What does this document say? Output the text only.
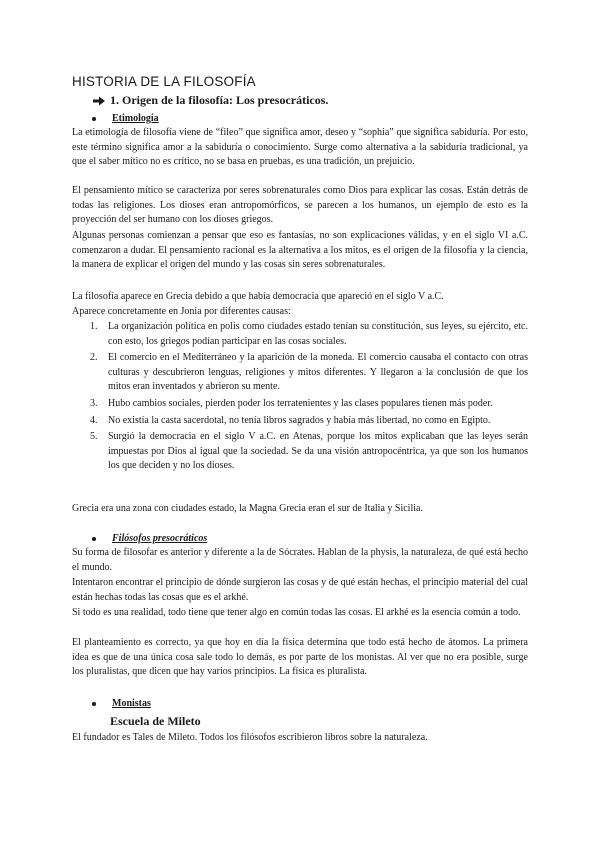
HISTORIA DE LA FILOSOFÍA
1. Origen de la filosofía: Los presocráticos.
Etimología
La etimología de filosofía viene de “fileo” que significa amor, deseo y “sophia” que significa sabiduría. Por esto, este término significa amor a la sabiduría o conocimiento. Surge como alternativa a la sabiduría tradicional, ya que el saber mítico no es crítico, no se basa en pruebas, es una tradición, un prejuicio.
El pensamiento mítico se caracteriza por seres sobrenaturales como Dios para explicar las cosas. Están detrás de todas las religiones. Los dioses eran antropomórficos, se parecen a los humanos, un ejemplo de esto es la proyección del ser humano con los dioses griegos.
Algunas personas comienzan a pensar que eso es fantasías, no son explicaciones válidas, y en el siglo VI a.C. comenzaron a dudar. El pensamiento racional es la alternativa a los mitos, es el origen de la filosofía y la ciencia, la manera de explicar el origen del mundo y las cosas sin seres sobrenaturales.
La filosofía aparece en Grecia debido a que había democracia que apareció en el siglo V a.C.
Aparece concretamente en Jonia por diferentes causas:
1. La organización política en polis como ciudades estado tenían su constitución, sus leyes, su ejército, etc. con esto, los griegos podían participar en las cosas sociales.
2. El comercio en el Mediterráneo y la aparición de la moneda. El comercio causaba el contacto con otras culturas y descubrieron lenguas, religiones y mitos diferentes. Y llegaron a la conclusión de que los mitos eran inventados y abrieron su mente.
3. Hubo cambios sociales, pierden poder los terratenientes y las clases populares tienen más poder.
4. No existía la casta sacerdotal, no tenía libros sagrados y había más libertad, no como en Egipto.
5. Surgió la democracia en el siglo V a.C. en Atenas, porque los mitos explicaban que las leyes serán impuestas por Dios al igual que la sociedad. Se da una visión antropocéntrica, ya que son los humanos los que deciden y no los dioses.
Grecia era una zona con ciudades estado, la Magna Grecia eran el sur de Italia y Sicilia.
Filósofos presocráticos
Su forma de filosofar es anterior y diferente a la de Sócrates. Hablan de la physis, la naturaleza, de qué está hecho el mundo.
Intentaron encontrar el principio de dónde surgieron las cosas y de qué están hechas, el principio material del cual están hechas todas las cosas que es el arkhé.
Si todo es una realidad, todo tiene que tener algo en común todas las cosas. El arkhé es la esencia común a todo.
El planteamiento es correcto, ya que hoy en día la física determina que todo está hecho de átomos. La primera idea es que de una única cosa sale todo lo demás, es por parte de los monistas. Al ver que no era posible, surge los pluralistas, que dicen que hay varios principios. La física es pluralista.
Monistas
Escuela de Mileto
El fundador es Tales de Mileto. Todos los filósofos escribieron libros sobre la naturaleza.
